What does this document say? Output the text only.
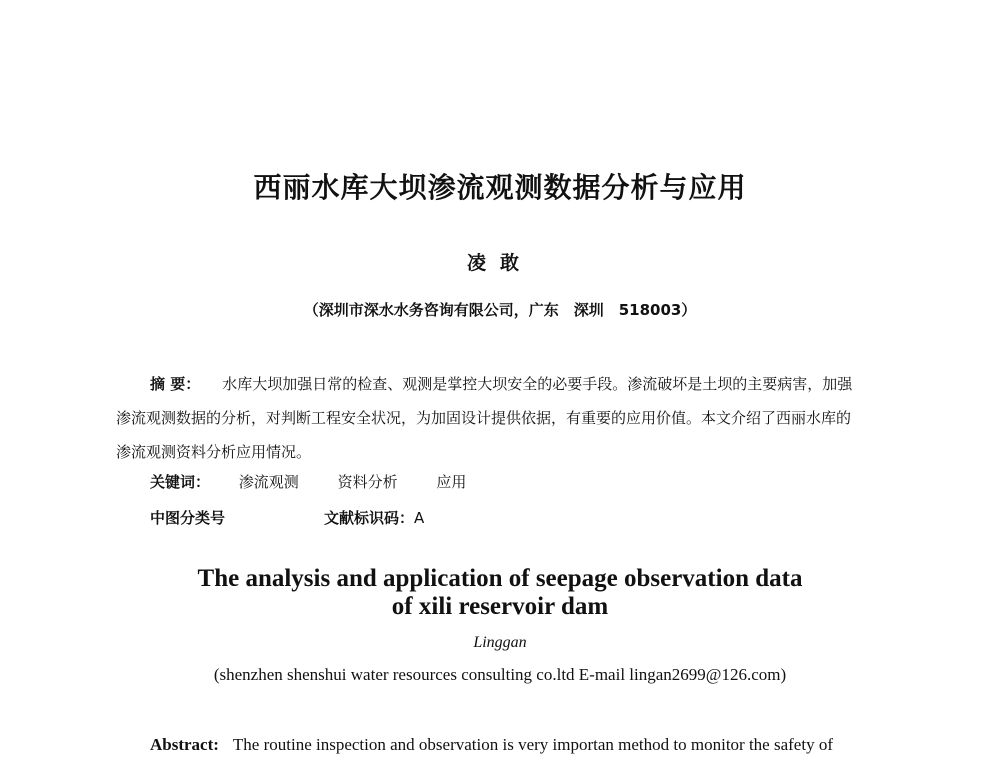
西丽水库大坝渗流观测数据分析与应用
凌敢
（深圳市深水水务咨询有限公司，广东　深圳　518003）
摘 要： 水库大坝加强日常的检查、观测是掌控大坝安全的必要手段。渗流破坏是土坝的主要病害，加强渗流观测数据的分析，对判断工程安全状况，为加固设计提供依据，有重要的应用价值。本文介绍了西丽水库的渗流观测资料分析应用情况。
关键词： 渗流观测	资料分析	应用
中图分类号	文献标识码：A
The analysis and application of seepage observation data
of xili reservoir dam
Linggan
(shenzhen shenshui water resources consulting co.ltd E-mail lingan2699@126.com)
Abstract: The routine inspection and observation is very importan method to monitor the safety of
